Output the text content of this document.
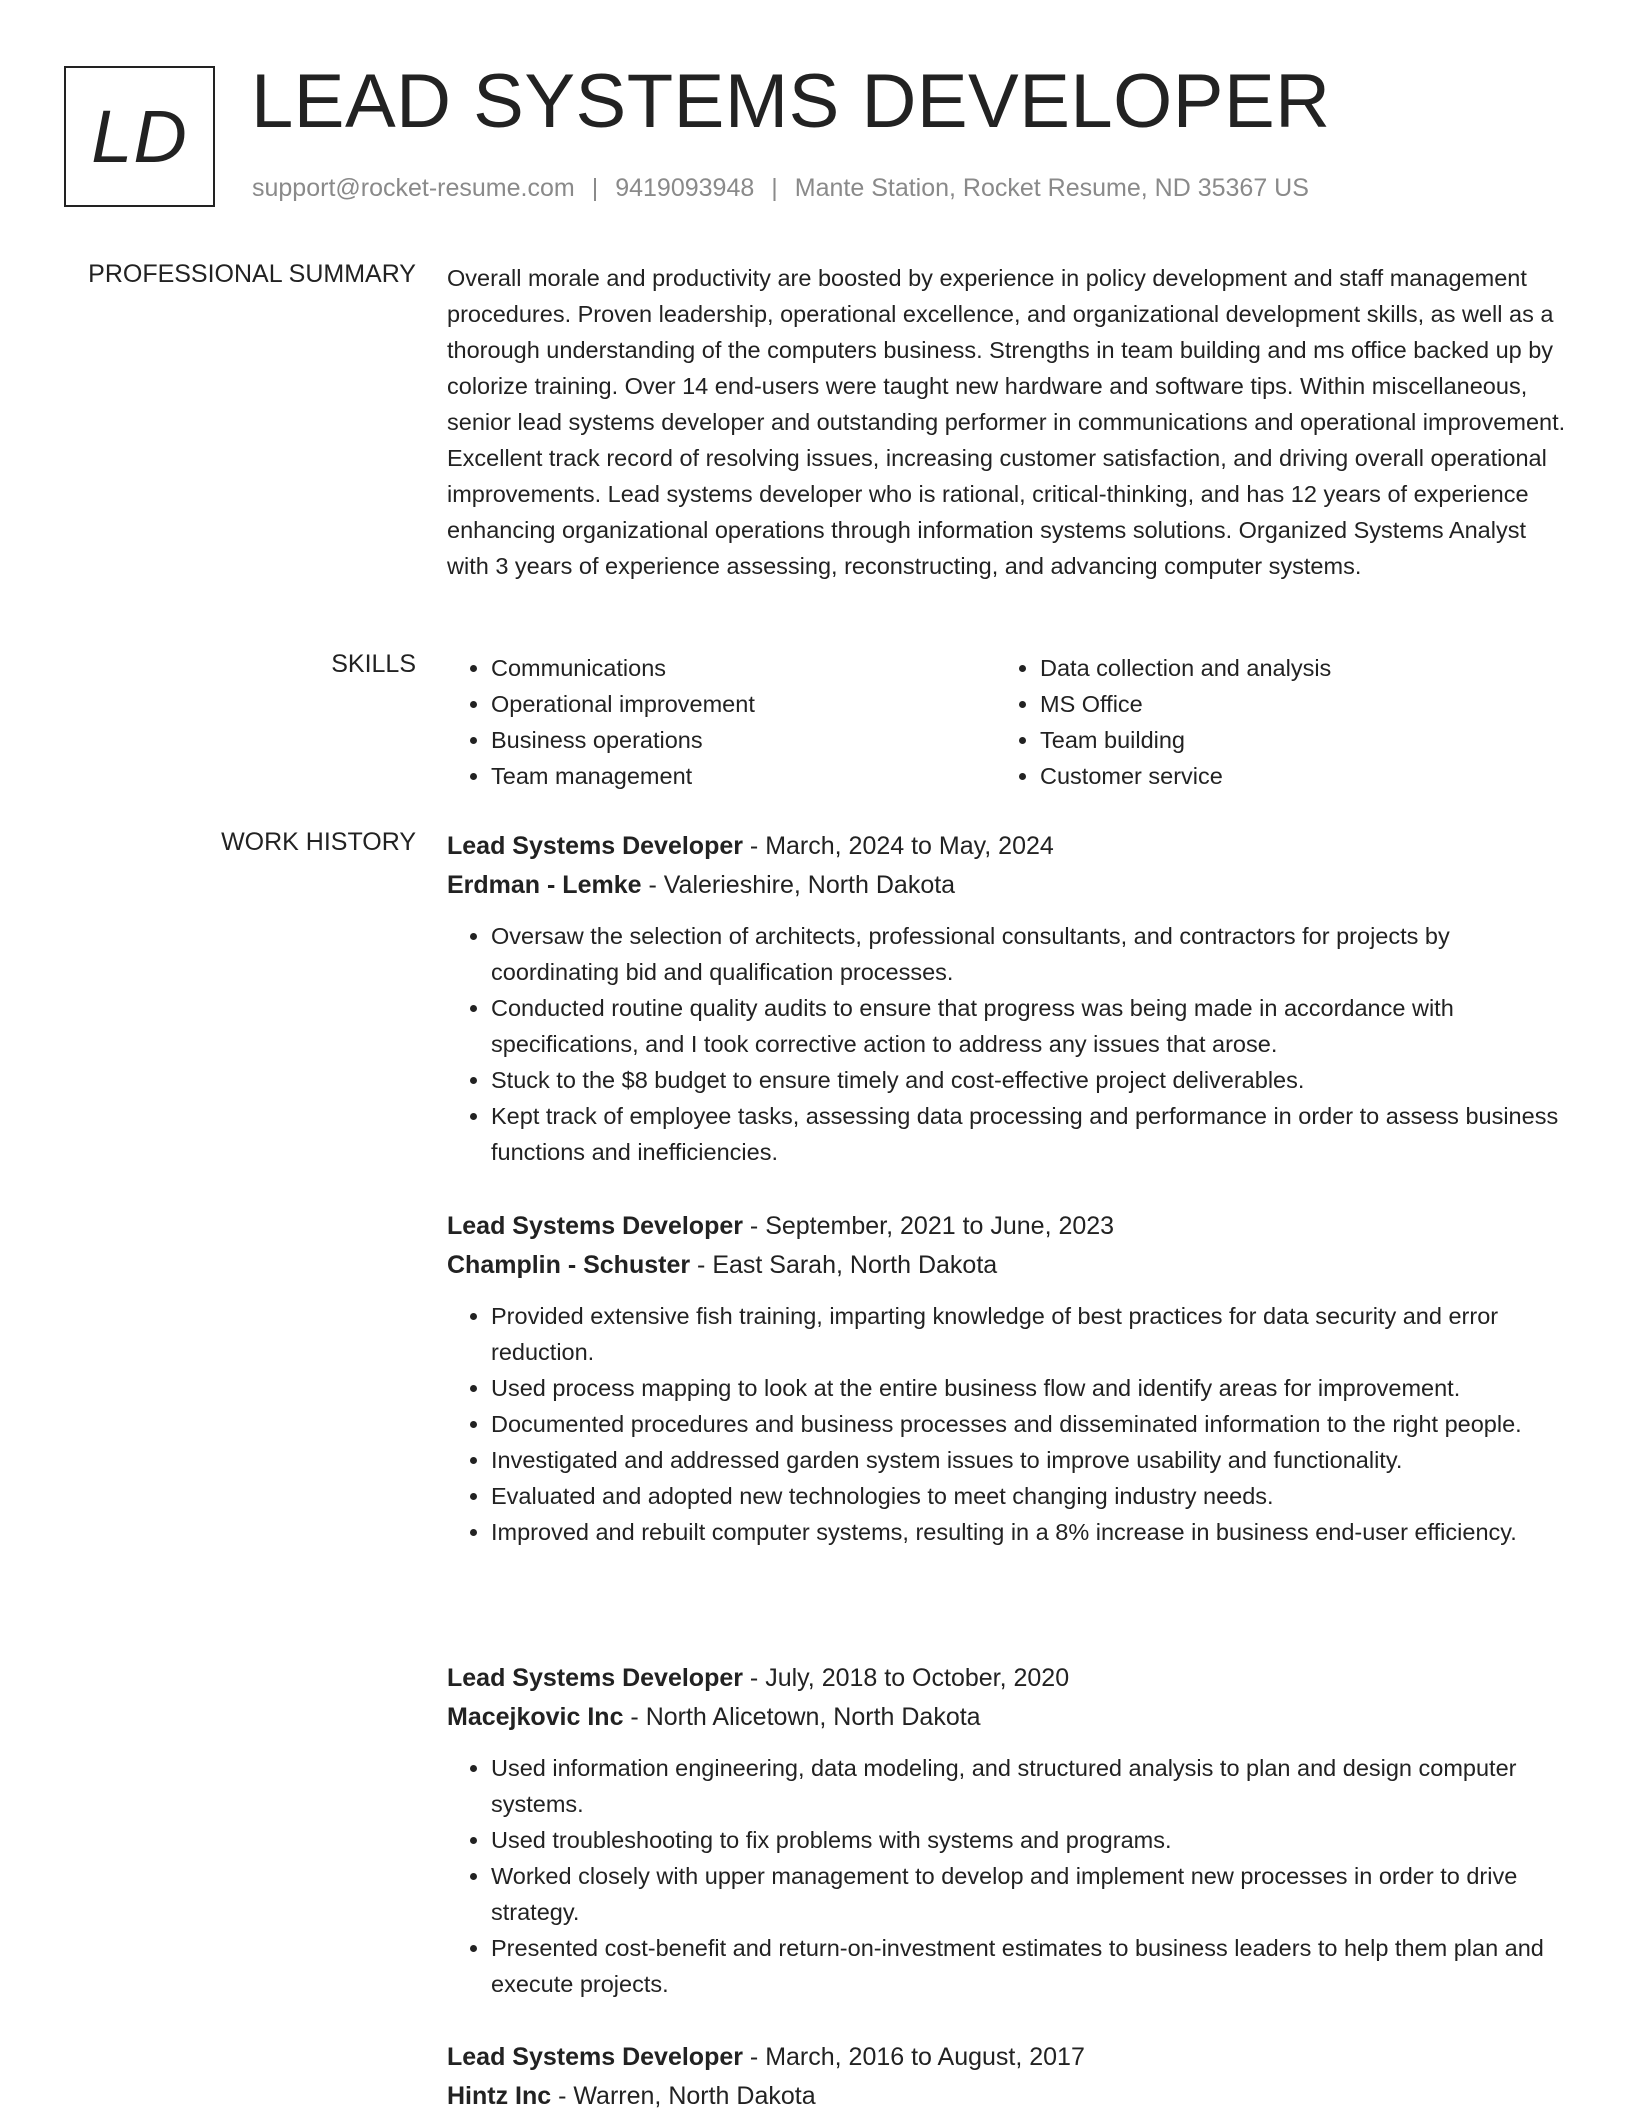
LD LEAD SYSTEMS DEVELOPER
support@rocket-resume.com | 9419093948 | Mante Station, Rocket Resume, ND 35367 US
PROFESSIONAL SUMMARY Overall morale and productivity are boosted by experience in policy development and staff management procedures. Proven leadership, operational excellence, and organizational development skills, as well as a thorough understanding of the computers business. Strengths in team building and ms office backed up by colorize training. Over 14 end-users were taught new hardware and software tips. Within miscellaneous, senior lead systems developer and outstanding performer in communications and operational improvement. Excellent track record of resolving issues, increasing customer satisfaction, and driving overall operational improvements. Lead systems developer who is rational, critical-thinking, and has 12 years of experience enhancing organizational operations through information systems solutions. Organized Systems Analyst with 3 years of experience assessing, reconstructing, and advancing computer systems.
SKILLS
•	Communications
• Operational improvement
• Business operations
• Team management
• Data collection and analysis
• MS Office
• Team building
• Customer service
WORK HISTORY Lead Systems Developer - March, 2024 to May, 2024
Erdman - Lemke - Valerieshire, North Dakota
• Oversaw the selection of architects, professional consultants, and contractors for projects by coordinating bid and qualification processes.
• Conducted routine quality audits to ensure that progress was being made in accordance with specifications, and I took corrective action to address any issues that arose.
• Stuck to the $8 budget to ensure timely and cost-effective project deliverables.
• Kept track of employee tasks, assessing data processing and performance in order to assess business functions and inefficiencies.
Lead Systems Developer - September, 2021 to June, 2023
Champlin - Schuster - East Sarah, North Dakota
• Provided extensive fish training, imparting knowledge of best practices for data security and error reduction.
• Used process mapping to look at the entire business flow and identify areas for improvement.
• Documented procedures and business processes and disseminated information to the right people.
• Investigated and addressed garden system issues to improve usability and functionality.
• Evaluated and adopted new technologies to meet changing industry needs.
• Improved and rebuilt computer systems, resulting in a 8% increase in business end-user efficiency.
Lead Systems Developer - July, 2018 to October, 2020
Macejkovic Inc - North Alicetown, North Dakota
• Used information engineering, data modeling, and structured analysis to plan and design computer systems.
• Used troubleshooting to fix problems with systems and programs.
• Worked closely with upper management to develop and implement new processes in order to drive strategy.
• Presented cost-benefit and return-on-investment estimates to business leaders to help them plan and execute projects.
Lead Systems Developer - March, 2016 to August, 2017
Hintz Inc - Warren, North Dakota
